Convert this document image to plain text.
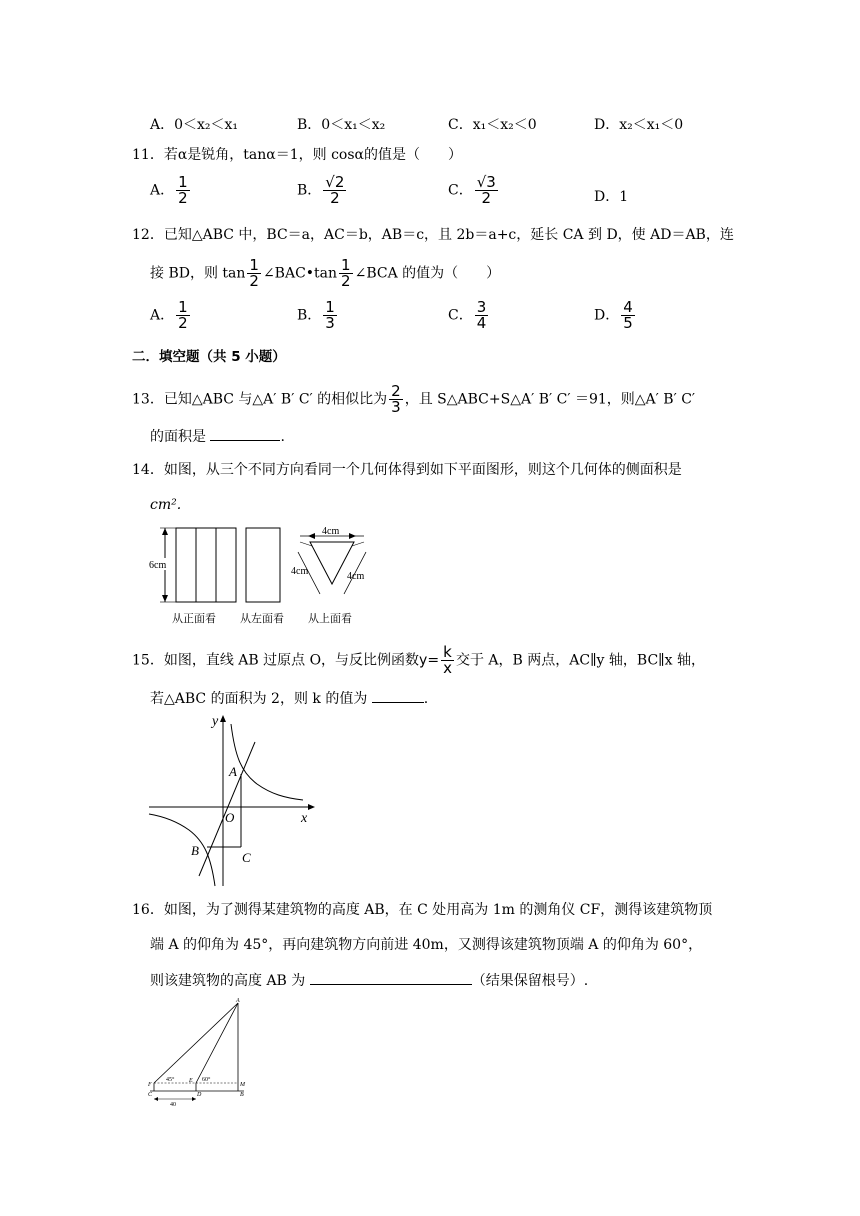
A．0＜x₂＜x₁	B．0＜x₁＜x₂	C．x₁＜x₂＜0	D．x₂＜x₁＜0
11．若α是锐角，tanα＝1，则 cosα的值是（　　）
A． $\frac{1}{2}$	B． $\frac{√2}{2}$	C． $\frac{√3}{2}$	D．1
12．已知△ABC 中，BC＝a，AC＝b，AB＝c，且 2b＝a+c，延长 CA 到 D，使 AD＝AB，连
接 BD，则 $\tan \frac{1}{2}$ ∠BAC•tan $\frac{1}{2}$ ∠BCA 的值为（　　）
A． $\frac{1}{2}$	B． $\frac{1}{3}$	C． $\frac{3}{4}$	D． $\frac{4}{5}$
二．填空题（共 5 小题）
13．已知△ABC 与△A′ B′ C′ 的相似比为 $\frac{2}{3}$ ，且 S△ABC+S△A′ B′ C′ ＝91，则△A′ B′ C′
的面积是	.
14．如图，从三个不同方向看同一个几何体得到如下平面图形，则这个几何体的侧面积是
cm².
6cm
4cm
4cm	4cm
从正面看 从左面看 从上面看
15．如图，直线 AB 过原点 O，与反比例函数$y= \frac{k}{x}$ 交于 A，B 两点，AC∥y 轴，BC∥x 轴，
若△ABC 的面积为 2，则 k 的值为	.
y
x
A
O
B	C
16．如图，为了测得某建筑物的高度 AB，在 C 处用高为 1m 的测角仪 CF，测得该建筑物顶
端 A 的仰角为 45°，再向建筑物方向前进 40m，又测得该建筑物顶端 A 的仰角为 60°，
则该建筑物的高度 AB 为	（结果保留根号）.
A
F
E
M
C	D	B
45°	60°
40
